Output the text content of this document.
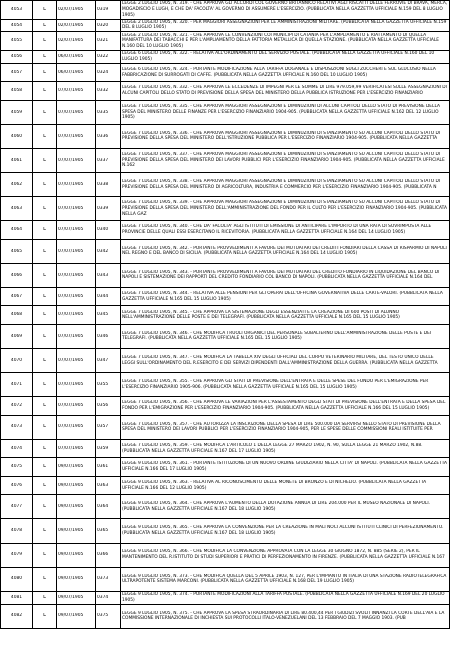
4053	L	02/07/1905	0319	LEGGE 2 LUGLIO 1905, N. 319. - CHE APPROVA GLI ACCORDI COL GOVERNO BRITANNICO RELATIVI AGLI RISCATTI DELLE FERROVIE DI BRAVA, MERCA, MOGADISCIO E LUGH, E CHE DA' FACOLTA' AL GOVERNO DI ASSUMERE L'ESERCIZIO. (PUBBLICATA NELLA GAZZETTA UFFICIALE N.159 DEL 8 LUGLIO 1905)

4054	L	02/07/1905	0320	LEGGE 2 LUGLIO 1905, N. 320. - PER MAGGIORI ASSEGNAZIONI PER LE AMMINISTRAZIONI MILITARE. (PUBBLICATA NELLA GAZZETTA UFFICIALE N.159 DEL 8 LUGLIO 1905)

4055	L	02/07/1905	0321	LEGGE 2 LUGLIO 1905, N. 321. - CHE APPROVA LE CONVENZIONI COI MUNICIPI DI CATANIA PER L'AMPLIAMENTO E RIATTAMENTO DI QUELLA MANIFATTURA DEI TABACCHI E PER L'AMPLIAMENTO DELLA FATTORIA METALLICA DI QUELLA STAZIONE. (PUBBLICATA NELLA GAZZETTA UFFICIALE N.160 DEL 10 LUGLIO 1905)

4056	L	06/07/1905	0322	LEGGE 6 LUGLIO 1905, N. 322. - RELATIVA ALL'ORDINAMENTO DEL SERVIZIO POSTALE. (PUBBLICATA NELLA GAZZETTA UFFICIALE N.160 DEL 10 LUGLIO 1905)

4057	L	06/07/1905	0324	LEGGE 6 LUGLIO 1905, N. 324. - PORTANTE MODIFICAZIONE ALLA TARIFFA DOGANALE E DISPOSIZIONI SUGLI ZUCCHERI E SUL GLUCOSIO NELLA FABBRICAZIONE DI SURROGATI DI CAFFE. (PUBBLICATA NELLA GAZZETTA UFFICIALE N.160 DEL 10 LUGLIO 1905)

4058	L	07/07/1905	0332	LEGGE 7 LUGLIO 1905, N. 332. - CHE APPROVA LE ECCEDENZE DI IMPEGNI PER LE SOMME DI LIRE 979.059,99 VERIFICATESI SULLE ASSEGNAZIONI DI ALCUNI CAPITOLI DELLO STATO DI PREVISIONE DELLA SPESA DEL MINISTERO DELLA PUBBLICA ISTRUZIONE PER L'ESERCIZIO FINANZIARIO

4059	L	07/07/1905	0335	LEGGE 7 LUGLIO 1905, N. 335. - CHE APPROVA MAGGIORI ASSEGNAZIONI E DIMINUZIONI DI ALCUNI CAPITOLI DELLO STATO DI PREVISIONE DELLA SPESA DEL MINISTERO DELLE FINANZE PER L'ESERCIZIO FINANZIARIO 1904-905. (PUBBLICATA NELLA GAZZETTA UFFICIALE N.162 DEL 12 LUGLIO 1905)

4060	L	07/07/1905	0336	LEGGE 7 LUGLIO 1905, N. 336. - CHE APPROVA MAGGIORI ASSEGNAZIONI E DIMINUZIONI DI STANZIAMENTO SU ALCUNI CAPITOLI DELLO STATO DI PREVISIONE DELLA SPESA DEL MINISTERO DELL'ISTRUZIONE PUBBLICA PER L'ESERCIZIO FINANZIARIO 1904-905. (PUBBLICATA NELLA GAZZETTA

4061	L	07/07/1905	0337	LEGGE 7 LUGLIO 1905, N. 337. - CHE APPROVA MAGGIORI ASSEGNAZIONI E DIMINUZIONI DI STANZIAMENTO SU ALCUNI CAPITOLI DELLO STATO DI PREVISIONE DELLA SPESA DEL MINISTERO DEI LAVORI PUBBLICI PER L'ESERCIZIO FINANZIARIO 1904-905. (PUBBLICATA NELLA GAZZETTA UFFICIALE N.162

4062	L	07/07/1905	0338	LEGGE 7 LUGLIO 1905, N. 338. - CHE APPROVA MAGGIORI ASSEGNAZIONI E DIMINUZIONI DI STANZIAMENTO SU ALCUNI CAPITOLI DELLO STATO DI PREVISIONE DELLA SPESA DEL MINISTERO DI AGRICOLTURA, INDUSTRIA E COMMERCIO PER L'ESERCIZIO FINANZIARIO 1904-905. (PUBBLICATA N

4063	L	07/07/1905	0339	LEGGE 7 LUGLIO 1905, N. 339. - CHE APPROVA MAGGIORI ASSEGNAZIONI E DIMINUZIONI DI STANZIAMENTO SU ALCUNI CAPITOLI DELLO STATO DI PREVISIONE DELLA SPESA DEL MINISTERO DELL'AMMINISTRAZIONE DEL FONDO PER IL CULTO PER L'ESERCIZIO FINANZIARIO 1904-905. (PUBBLICATA NELLA GAZ

4064	L	07/07/1905	0340	LEGGE 7 LUGLIO 1905, N. 340. - CHE DA' FACOLTA' AGLI ISTITUTI DI EMISSIONE DI ANTICIPARE L'IMPORTO DI UNA RATA DI SOVRIMPOSTA ALLE PROVINCIE DELLE QUALI ESSI ESERCITANO IL RICEVITORIA. (PUBBLICATA NELLA GAZZETTA UFFICIALE N.164 DEL 14 LUGLIO 1905)

4065	L	07/07/1905	0342	LEGGE 7 LUGLIO 1905, N. 342. - PORTANTE PROVVEDIMENTI A FAVORE DEI MUTUATARI DEI CREDITI FONDIARI DELLA CASSA DI RISPARMIO DI NAPOLI NEL REGNO E DEL BANCO DI SICILIA. (PUBBLICATA NELLA GAZZETTA UFFICIALE N.164 DEL 14 LUGLIO 1905)

4066	L	07/07/1905	0343	LEGGE 7 LUGLIO 1905, N. 343. - PORTANTE PROVVEDIMENTI A FAVORE DEI MUTUATARI DEL CREDITO FONDIARIO IN LIQUIDAZIONE DEL BANCO DI NAPOLI E SISTEMAZIONE DEI RAPPORTI DEL CREDITO FONDIARIO COL BANCO DI NAPOLI. (PUBBLICATA NELLA GAZZETTA UFFICIALE N.164 DEL

4067	L	07/07/1905	0344	LEGGE 7 LUGLIO 1905, N. 344. - RELATIVA ALLE PENSIONI PER GLI OPERAI DELL'OFFICINA GOVERNATIVA DELLE CARTE-VALORI. (PUBBLICATA NELLA GAZZETTA UFFICIALE N.165 DEL 15 LUGLIO 1905)

4068	L	07/07/1905	0345	LEGGE 7 LUGLIO 1905, N. 345. - CHE APPROVA LA SISTEMAZIONE DEGLI ESSENZIATI E LA CREAZIONE DI 600 POSTI DI ALUNNO NELL'AMMINISTRAZIONE DELLE POSTE E DEI TELEGRAFI. (PUBBLICATA NELLA GAZZETTA UFFICIALE N.165 DEL 15 LUGLIO 1905)

4069	L	07/07/1905	0346	LEGGE 7 LUGLIO 1905, N. 346. - CHE MODIFICA I RUOLI ORGANICI DEL PERSONALE SUBALTERNO DELL'AMMINISTRAZIONE DELLE POSTE E DEI TELEGRAFI. (PUBBLICATA NELLA GAZZETTA UFFICIALE N.165 DEL 15 LUGLIO 1905)

4070	L	07/07/1905	0347	LEGGE 7 LUGLIO 1905, N. 347. - CHE MODIFICA LA TABELLA XIV DEGLI UFFICIALI DEL CORPO VETERINARIO MILITARE, DEL TESTO UNICO DELLE LEGGI SULL'ORDINAMENTO DEL R.ESERCITO E DEI SERVIZI DIPENDENTI DALL'AMMINISTRAZIONE DELLA GUERRA. (PUBBLICATA NELLA GAZZETTA

4071	L	07/07/1905	0355	LEGGE 7 LUGLIO 1905, N. 355. - CHE APPROVA GLI STATI DI PREVISIONE DELL'ENTRATA E DELLE SPESE DEL FONDO PER L'EMIGRAZIONE PER L'ESERCIZIO FINANZIARIO 1905-906. (PUBBLICATA NELLA GAZZETTA UFFICIALE N.165 DEL 15 LUGLIO 1905)

4072	L	07/07/1905	0356	LEGGE 7 LUGLIO 1905, N. 356. - CHE APPROVA LE VARIAZIONI PER L'ASSESTAMENTO DEGLI STATI DI PREVISIONE DELL'ENTRATA E DELLA SPESA DEL FONDO PER L'EMIGRAZIONE PER L'ESERCIZIO FINANZIARIO 1904-905. (PUBBLICATA NELLA GAZZETTA UFFICIALE N.166 DEL 15 LUGLIO 1905)

4073	L	07/07/1905	0357	LEGGE 7 LUGLIO 1905, N. 357. - CHE AUTORIZZA LA INSCRIZIONE DELLA SPESA DI LIRE 500.000 DA SERVIRSI NELLO STATO DI PREVISIONE DELLA SPESA DEL MINISTERO DEI LAVORI PUBBLICI PER L'ESERCIZIO FINANZIARIO 1904-905, PER LE SPESE DELLE COMMISSIONI REALI ISTITUITE PER

4074	L	07/07/1905	0359	LEGGE 7 LUGLIO 1905, N. 359. - CHE MODIFICA L'ARTICOLO 1 DELLA LEGGE 27 MARZO 1902, N. 90, SULLA LEGGE 21 MARZO 1902, N.88. (PUBBLICATA NELLA GAZZETTA UFFICIALE N.167 DEL 17 LUGLIO 1905)

4075	L	09/07/1905	0361	LEGGE 9 LUGLIO 1905, N. 361. - PORTANTE ISTITUZIONE DI UN NUOVO ORDINE GIUDIZIARIO NELLA CITTA' DI NAPOLI. (PUBBLICATA NELLA GAZZETTA UFFICIALE N.166 DEL 17 LUGLIO 1905)

4076	L	09/07/1905	0363	LEGGE 9 LUGLIO 1905, N. 363. - RELATIVA AL RICONOSCIMENTO DELLE MONETE DI BRONZO E DI NICHELIO. (PUBBLICATA NELLA GAZZETTA UFFICIALE N.166 DEL 12 LUGLIO 1905)

4077	L	09/07/1905	0364	LEGGE 9 LUGLIO 1905, N. 364. - CHE APPROVA L'AUMENTO DELLA DOTAZIONE ANNUA DI LIRE 204.000 PER IL MUSEO NAZIONALE DI NAPOLI. (PUBBLICATA NELLA GAZZETTA UFFICIALE N.167 DEL 18 LUGLIO 1905)

4078	L	09/07/1905	0365	LEGGE 9 LUGLIO 1905, N. 365. - CHE APPROVA LA CONVENZIONE PER LA CREAZIONE IN MALI NOCI ALCUNI ISTITUTI CLINICI DI PERFEZIONAMENTO. (PUBBLICATA NELLA GAZZETTA UFFICIALE N.167 DEL 18 LUGLIO 1905)

4079	L	09/07/1905	0366	LEGGE 9 LUGLIO 1905, N. 366. - CHE MODIFICA LA CONVENZIONE APPROVATA CON LA LEGGE 30 GIUGNO 1872, N. 885 (SERIE 2), PER IL MANTENIMENTO DEL R.ISTITUTO DI STUDI SUPERIORI E PRATICI DI PERFEZIONAMENTO IN FIRENZE. (PUBBLICATA NELLA GAZZETTA UFFICIALE N.167

4080	L	09/07/1905	0373	LEGGE 9 LUGLIO 1905, N. 373. - CHE MODIFICA QUELLA DEL 5 APRILE 1903, N. 127, PER L'IMPIANTO IN ITALIA DI UNA STAZIONE RADIOTELEGRAFICA ULTRAPOTENTE SISTEMA MARCONI. (PUBBLICATA NELLA GAZZETTA UFFICIALE N.168 DEL 19 LUGLIO 1905)

4081	L	09/07/1905	0374	LEGGE 9 LUGLIO 1905, N. 374. - PORTANTE MODIFICAZIONI ALLA TARIFFA POSTALE. (PUBBLICATA NELLA GAZZETTA UFFICIALE N.169 DEL 20 LUGLIO 1905)

4082	L	09/07/1905	0375	LEGGE 9 LUGLIO 1905, N. 375. - CHE APPROVA LA SPESA STRAORDINARIA DI LIRE 80.400,44 PER I GIUDIZI SVOLTI INNANZI LA CORTE DELL'AIA E LA COMMISSIONE INTERNAZIONALE DI INCHIESTA SUI PROTOCOLLI ITALO-VENEZUELANI DEL 13 FEBBRAIO DEL 7 MAGGIO 1903. (PUB
